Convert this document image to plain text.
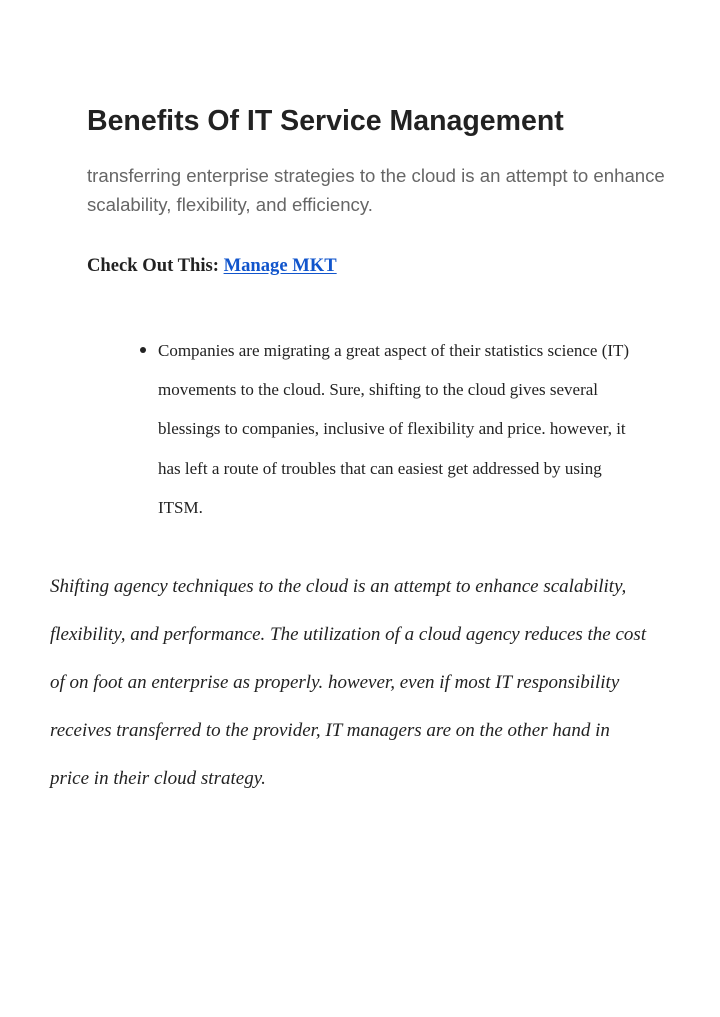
Benefits Of IT Service Management

transferring enterprise strategies to the cloud is an attempt to enhance scalability, flexibility, and efficiency.

Check Out This: Manage MKT

Companies are migrating a great aspect of their statistics science (IT) movements to the cloud. Sure, shifting to the cloud gives several blessings to companies, inclusive of flexibility and price. however, it has left a route of troubles that can easiest get addressed by using ITSM.

Shifting agency techniques to the cloud is an attempt to enhance scalability, flexibility, and performance. The utilization of a cloud agency reduces the cost of on foot an enterprise as properly. however, even if most IT responsibility receives transferred to the provider, IT managers are on the other hand in price in their cloud strategy.
